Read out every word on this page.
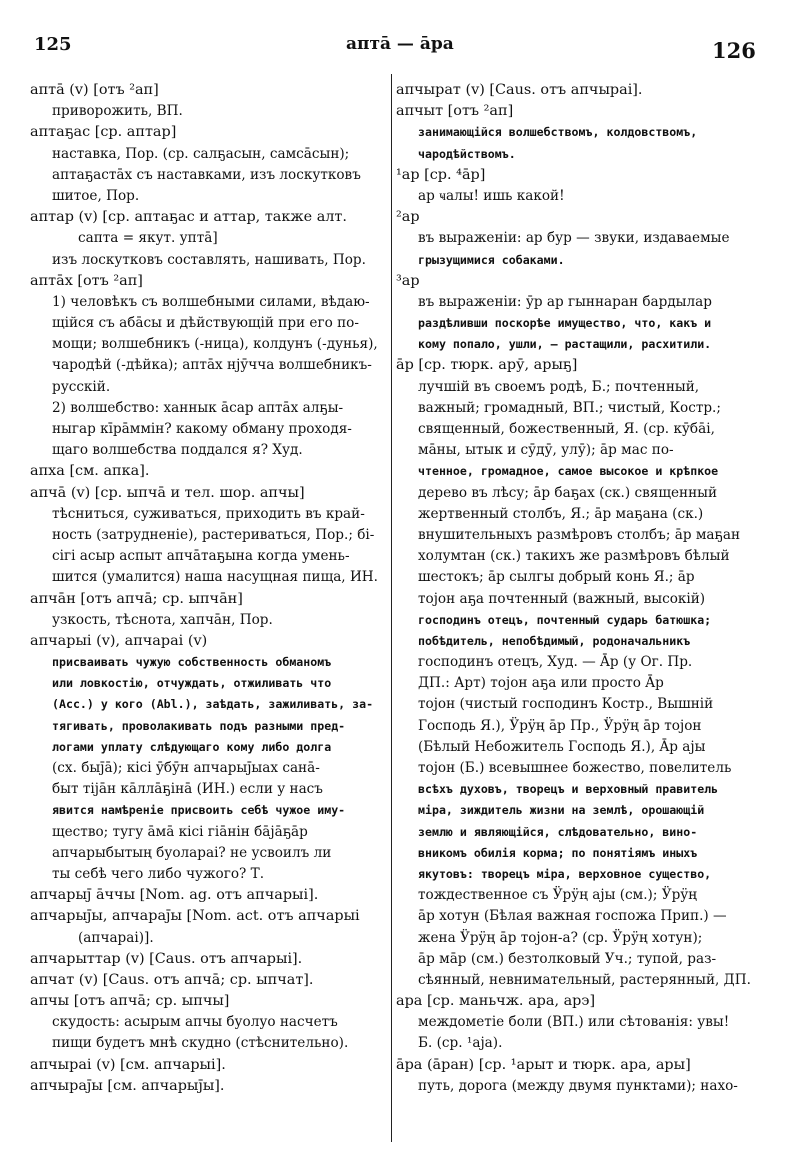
125	aптā — āра	126
aптā (v) [отъ ²aп]
приворожить, ВП.
aптаҕас [ср. aптар]
наставка, Пор. (ср. салҕасын, самсāсын);
aптаҕастāх съ наставками, изъ лоскутковъ
шитое, Пор.
aптар (v) [ср. aптаҕас и аттар, также алт.
сапта = якут. уптā]
изъ лоскутковъ составлять, нашивать, Пор.
aптāх [отъ ²aп]
1) человѣкъ съ волшебными силами, вѣдаю-
щійся съ абāсы и дѣйствующій при его по-
мощи; волшебникъ (-ница), колдунъ (-дунья),
чародѣй (-дѣйка); aптāх нјӯчча волшебникъ-
русскій.
2) волшебство: ханнык āсар aптāх алҕы-
ныгар кīрāммiн? какому обману проходя-
щаго волшебства поддался я? Худ.
aпха [см. aпка].
aпчā (v) [ср. ыпчā и тел. шор. aпчы]
тѣсниться, суживаться, приходить въ край-
ность (затрудненіе), растериваться, Пор.; бі-
сiгi асыр аспыт aпчāтаҕына когда умень-
шится (умалится) наша насущная пища, ИН.
aпчāн [отъ aпчā; ср. ыпчāн]
узкость, тѣснота, хапчāн, Пор.
aпчарыі (v), aпчараі (v)
присваивать чужую собственность обманомъ
или ловкостію, отчуждать, отжиливать что
(Acc.) у кого (Abl.), заѣдать, зажиливать, за-
тягивать, проволакивать подъ разными пред-
логами уплату слѣдующаго кому либо долга
(сх. быј̄ā); кiсi ӯбӯн aпчарыј̄ыах санā-
быт тiјāн кāллāҕiнā (ИН.) если у насъ
явится намѣреніе присвоить себѣ чужое иму-
щество; тугу āмā кiсi гiāнiн бāјāҕāр
aпчарыбытың буолараі? не усвоилъ ли
ты себѣ чего либо чужого? Т.
aпчарыј̄ āччы [Nom. ag. отъ aпчарыі].
aпчарыј̄ы, aпчараj̄ы [Nom. act. отъ aпчарыі
(aпчараі)].
aпчарыттар (v) [Caus. отъ aпчарыі].
aпчат (v) [Caus. отъ aпчā; ср. ыпчат].
aпчы [отъ aпчā; ср. ыпчы]
скудость: асырым aпчы буолуо насчетъ
пищи будетъ мнѣ скудно (стѣснительно).
aпчыраі (v) [см. aпчарыі].
aпчыраj̄ы [см. aпчарыј̄ы].
aпчырат (v) [Caus. отъ aпчыраі].
aпчыт [отъ ²aп]
занимающійся волшебствомъ, колдовствомъ,
чародѣйствомъ.
¹ар [ср. ⁴āр]
ар ҹалы! ишь какой!
²ар
въ выраженіи: ар бур — звуки, издаваемые
грызущимися собаками.
³ар
въ выраженіи: ӯр ар гыннаран бардылар
раздѣливши поскорѣе имущество, что, какъ и
кому попало, ушли, — растащили, расхитили.
āр [ср. тюрк. арӯ, арыҕ]
лучшій въ своемъ родѣ, Б.; почтенный,
важный; громадный, ВП.; чистый, Костр.;
священный, божественный, Я. (ср. кӯбāi,
мāны, ытык и сӯдӯ, улӯ); āр мас по-
чтенное, громадное, самое высокое и крѣпкое
дерево въ лѣсу; āр баҕах (ск.) священный
жертвенный столбъ, Я.; āр маҕана (ск.)
внушительныхъ размѣровъ столбъ; āр маҕан
холумтан (ск.) такихъ же размѣровъ бѣлый
шестокъ; āр сылгы добрый конь Я.; āр
тојон аҕа почтенный (важный, высокій)
господинъ отецъ, почтенный сударь батюшка;
побѣдитель, непобѣдимый, родоначальникъ
господинъ отецъ, Худ. — Āр (у Ог. Пр.
ДП.: Арт) тојон аҕа или просто Āр
тојон (чистый господинъ Костр., Вышній
Господь Я.), Ӱрӱң āр Пр., Ӱрӱң āр тојон
(Бѣлый Небожитель Господь Я.), Āр аjы
тојон (Б.) всевышнее божество, повелитель
всѣхъ духовъ, творецъ и верховный правитель
міра, зиждитель жизни на землѣ, орошающій
землю и являющійся, слѣдовательно, вино-
вникомъ обилія корма; по понятіямъ иныхъ
якутовъ: творецъ міра, верховное существо,
тождественное съ Ӱрӱң аjы (см.); Ӱрӱң
āр хотун (Бѣлая важная госпожа Прип.) —
жена Ӱрӱң āр тојон-а? (ср. Ӱрӱң хотун);
āр мāр (см.) безтолковый Уч.; тупой, раз-
сѣянный, невнимательный, растерянный, ДП.
ара [ср. маньчж. ара, арэ]
междометіе боли (ВП.) или сѣтованія: увы!
Б. (ср. ¹аja).
āра (āран) [ср. ¹арыт и тюрк. ара, ары]
путь, дорога (между двумя пунктами); нахо-
